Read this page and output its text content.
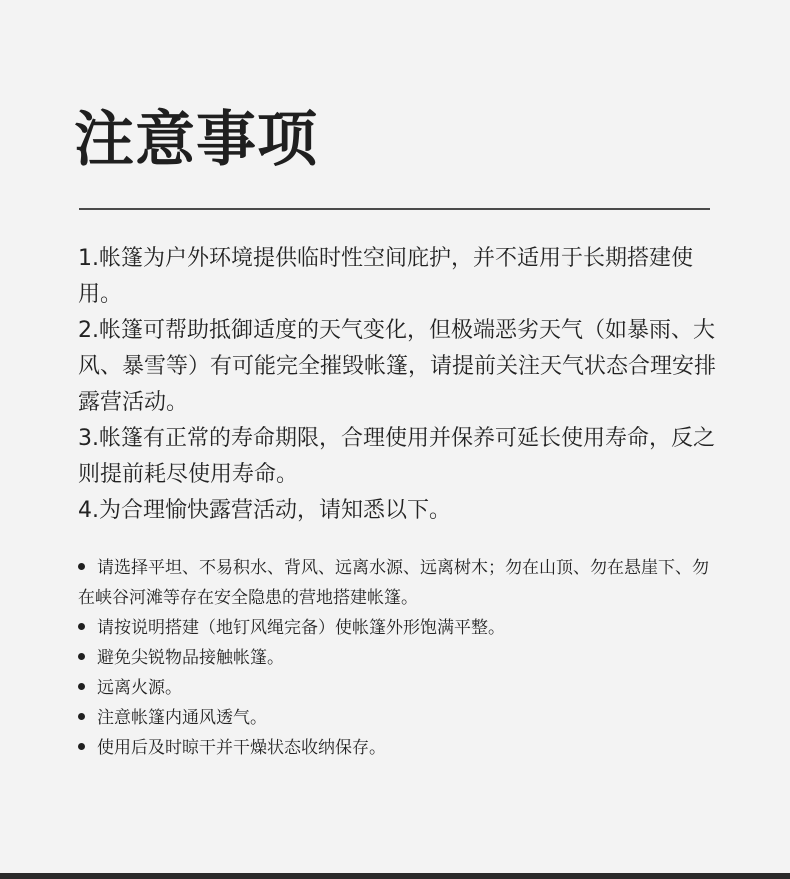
注意事项
1.帐篷为户外环境提供临时性空间庇护，并不适用于长期搭建使用。
2.帐篷可帮助抵御适度的天气变化，但极端恶劣天气（如暴雨、大风、暴雪等）有可能完全摧毁帐篷，请提前关注天气状态合理安排露营活动。
3.帐篷有正常的寿命期限，合理使用并保养可延长使用寿命，反之则提前耗尽使用寿命。
4.为合理愉快露营活动，请知悉以下。
请选择平坦、不易积水、背风、远离水源、远离树木；勿在山顶、勿在悬崖下、勿在峡谷河滩等存在安全隐患的营地搭建帐篷。
请按说明搭建（地钉风绳完备）使帐篷外形饱满平整。
避免尖锐物品接触帐篷。
远离火源。
注意帐篷内通风透气。
使用后及时晾干并干燥状态收纳保存。
